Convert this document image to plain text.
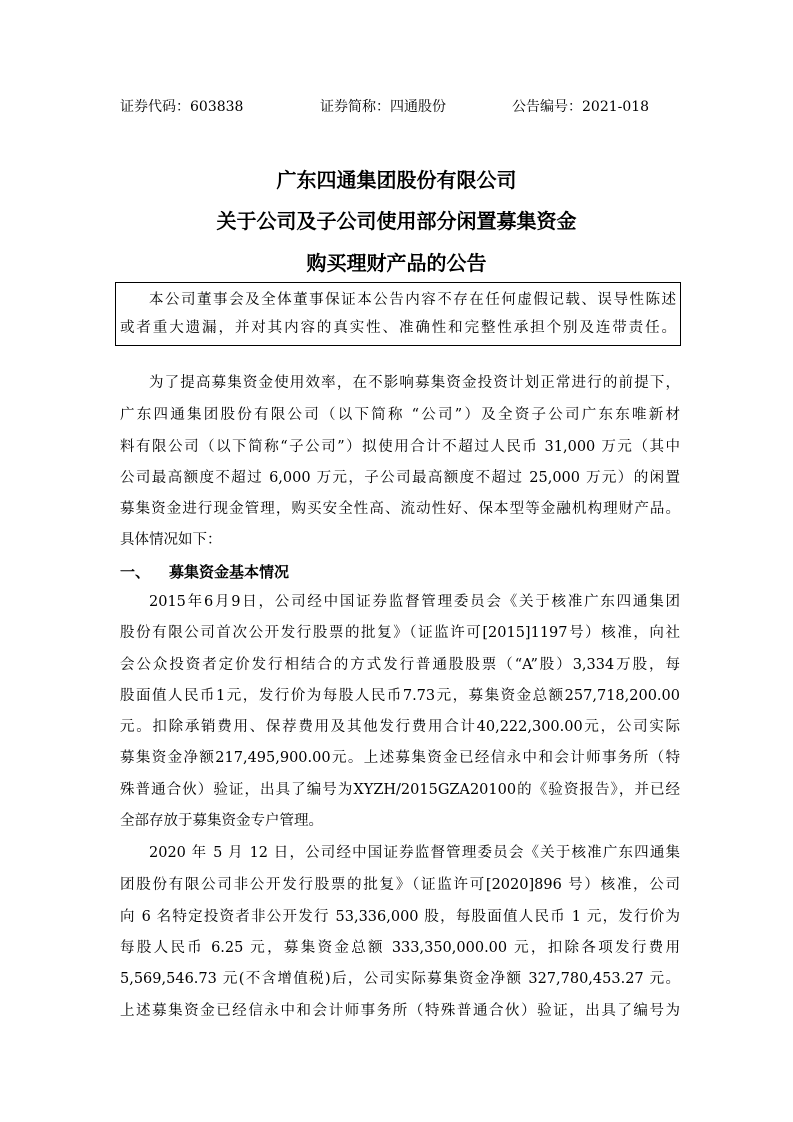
证券代码：603838	证券简称：四通股份	公告编号：2021-018
广东四通集团股份有限公司
关于公司及子公司使用部分闲置募集资金
购买理财产品的公告
本公司董事会及全体董事保证本公告内容不存在任何虚假记载、误导性陈述
或者重大遗漏，并对其内容的真实性、准确性和完整性承担个别及连带责任。
为了提高募集资金使用效率，在不影响募集资金投资计划正常进行的前提下，
广东四通集团股份有限公司（以下简称 “公司”）及全资子公司广东东唯新材
料有限公司（以下简称“子公司”）拟使用合计不超过人民币 31,000 万元（其中
公司最高额度不超过 6,000 万元，子公司最高额度不超过 25,000 万元）的闲置
募集资金进行现金管理，购买安全性高、流动性好、保本型等金融机构理财产品。
具体情况如下：
一、 募集资金基本情况
2015年6月9日，公司经中国证券监督管理委员会《关于核准广东四通集团
股份有限公司首次公开发行股票的批复》（证监许可[2015]1197号）核准，向社
会公众投资者定价发行相结合的方式发行普通股股票（“A”股）3,334万股，每
股面值人民币1元，发行价为每股人民币7.73元，募集资金总额257,718,200.00
元。扣除承销费用、保荐费用及其他发行费用合计40,222,300.00元，公司实际
募集资金净额217,495,900.00元。上述募集资金已经信永中和会计师事务所（特
殊普通合伙）验证，出具了编号为XYZH/2015GZA20100的《验资报告》，并已经
全部存放于募集资金专户管理。
2020 年 5 月 12 日，公司经中国证券监督管理委员会《关于核准广东四通集
团股份有限公司非公开发行股票的批复》（证监许可[2020]896 号）核准，公司
向 6 名特定投资者非公开发行 53,336,000 股，每股面值人民币 1 元，发行价为
每股人民币 6.25 元，募集资金总额 333,350,000.00 元，扣除各项发行费用
5,569,546.73 元(不含增值税)后，公司实际募集资金净额 327,780,453.27 元。
上述募集资金已经信永中和会计师事务所（特殊普通合伙）验证，出具了编号为
